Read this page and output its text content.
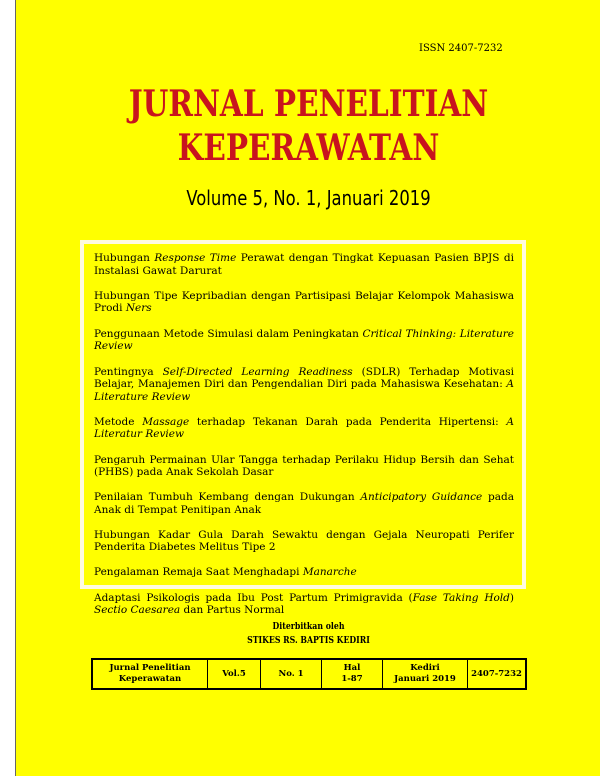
ISSN 2407-7232
JURNAL PENELITIAN
KEPERAWATAN
Volume 5, No. 1, Januari 2019
Hubungan Response Time Perawat dengan Tingkat Kepuasan Pasien BPJS di Instalasi Gawat Darurat
Hubungan Tipe Kepribadian dengan Partisipasi Belajar Kelompok Mahasiswa Prodi Ners
Penggunaan Metode Simulasi dalam Peningkatan Critical Thinking: Literature Review
Pentingnya Self-Directed Learning Readiness (SDLR) Terhadap Motivasi Belajar, Manajemen Diri dan Pengendalian Diri pada Mahasiswa Kesehatan: A Literature Review
Metode Massage terhadap Tekanan Darah pada Penderita Hipertensi: A Literatur Review
Pengaruh Permainan Ular Tangga terhadap Perilaku Hidup Bersih dan Sehat (PHBS) pada Anak Sekolah Dasar
Penilaian Tumbuh Kembang dengan Dukungan Anticipatory Guidance pada Anak di Tempat Penitipan Anak
Hubungan Kadar Gula Darah Sewaktu dengan Gejala Neuropati Perifer Penderita Diabetes Melitus Tipe 2
Pengalaman Remaja Saat Menghadapi Manarche
Adaptasi Psikologis pada Ibu Post Partum Primigravida (Fase Taking Hold) Sectio Caesarea dan Partus Normal
Diterbitkan oleh
STIKES RS. BAPTIS KEDIRI
Jurnal Penelitian
Keperawatan
Vol.5	No. 1
Hal
1-87
Kediri
Januari 2019
2407-7232
